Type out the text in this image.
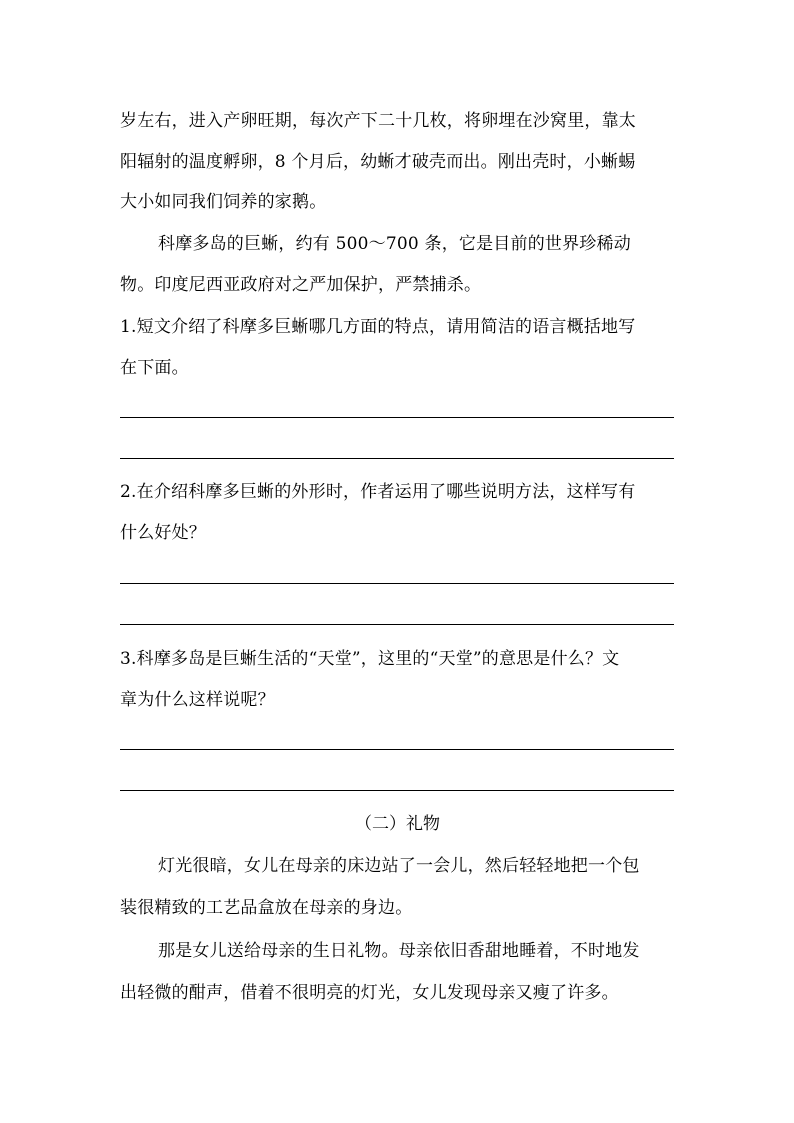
岁左右，进入产卵旺期，每次产下二十几枚，将卵埋在沙窝里，靠太
阳辐射的温度孵卵，8 个月后，幼蜥才破壳而出。刚出壳时，小蜥蜴
大小如同我们饲养的家鹅。
科摩多岛的巨蜥，约有 500～700 条，它是目前的世界珍稀动
物。印度尼西亚政府对之严加保护，严禁捕杀。
1.短文介绍了科摩多巨蜥哪几方面的特点，请用简洁的语言概括地写
在下面。
2.在介绍科摩多巨蜥的外形时，作者运用了哪些说明方法，这样写有
什么好处？
3.科摩多岛是巨蜥生活的“天堂”，这里的“天堂”的意思是什么？文
章为什么这样说呢？
（二）礼物
灯光很暗，女儿在母亲的床边站了一会儿，然后轻轻地把一个包
装很精致的工艺品盒放在母亲的身边。
那是女儿送给母亲的生日礼物。母亲依旧香甜地睡着，不时地发
出轻微的酣声，借着不很明亮的灯光，女儿发现母亲又瘦了许多。
